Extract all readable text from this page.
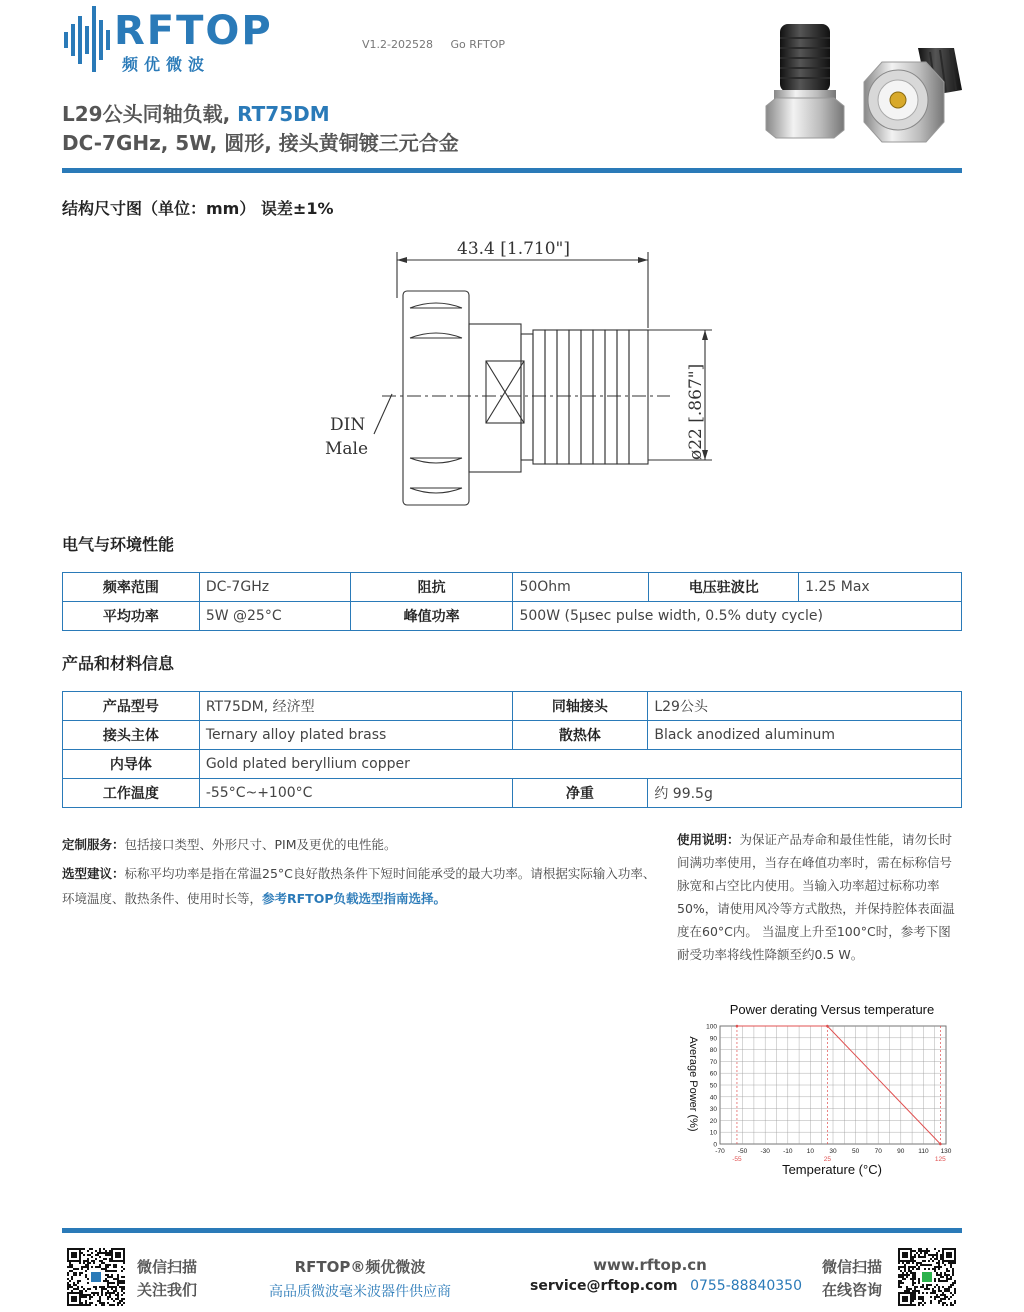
RFTOP
频优微波
V1.2-202528 Go RFTOP
L29公头同轴负载, RT75DM
DC-7GHz, 5W, 圆形, 接头黄铜镀三元合金
结构尺寸图（单位：mm） 误差±1%
43.4 [1.710"]
ø22 [.867"]
DIN
Male
电气与环境性能
频率范围	DC-7GHz	阻抗	50Ohm	电压驻波比	1.25 Max
平均功率	5W @25°C	峰值功率	500W (5μsec pulse width, 0.5% duty cycle)		
产品和材料信息
产品型号	RT75DM, 经济型	同轴接头	L29公头
接头主体	Ternary alloy plated brass	散热体	Black anodized aluminum
内导体	Gold plated beryllium copper		
工作温度	-55°C~+100°C	净重	约 99.5g

定制服务：包括接口类型、外形尺寸、PIM及更优的电性能。

选型建议：标称平均功率是指在常温25°C良好散热条件下短时间能承受的最大功率。请根据实际输入功率、环境温度、散热条件、使用时长等，参考RFTOP负载选型指南选择。

使用说明：为保证产品寿命和最佳性能，请勿长时间满功率使用，当存在峰值功率时，需在标称信号脉宽和占空比内使用。当输入功率超过标称功率50%，请使用风冷等方式散热，并保持腔体表面温度在60°C内。 当温度上升至100°C时，参考下图耐受功率将线性降额至约0.5 W。
Power derating Versus temperature
Temperature (°C)
Average Power (%)
-70 -50 -30 -10 10 30 50 70 90 110 130
0
10
20
30
40
50
60
70
80
90
100
-55	25	125
微信扫描
关注我们
RFTOP®频优微波
高品质微波毫米波器件供应商
www.rftop.cn
service@rftop.com 0755-88840350
微信扫描
在线咨询
